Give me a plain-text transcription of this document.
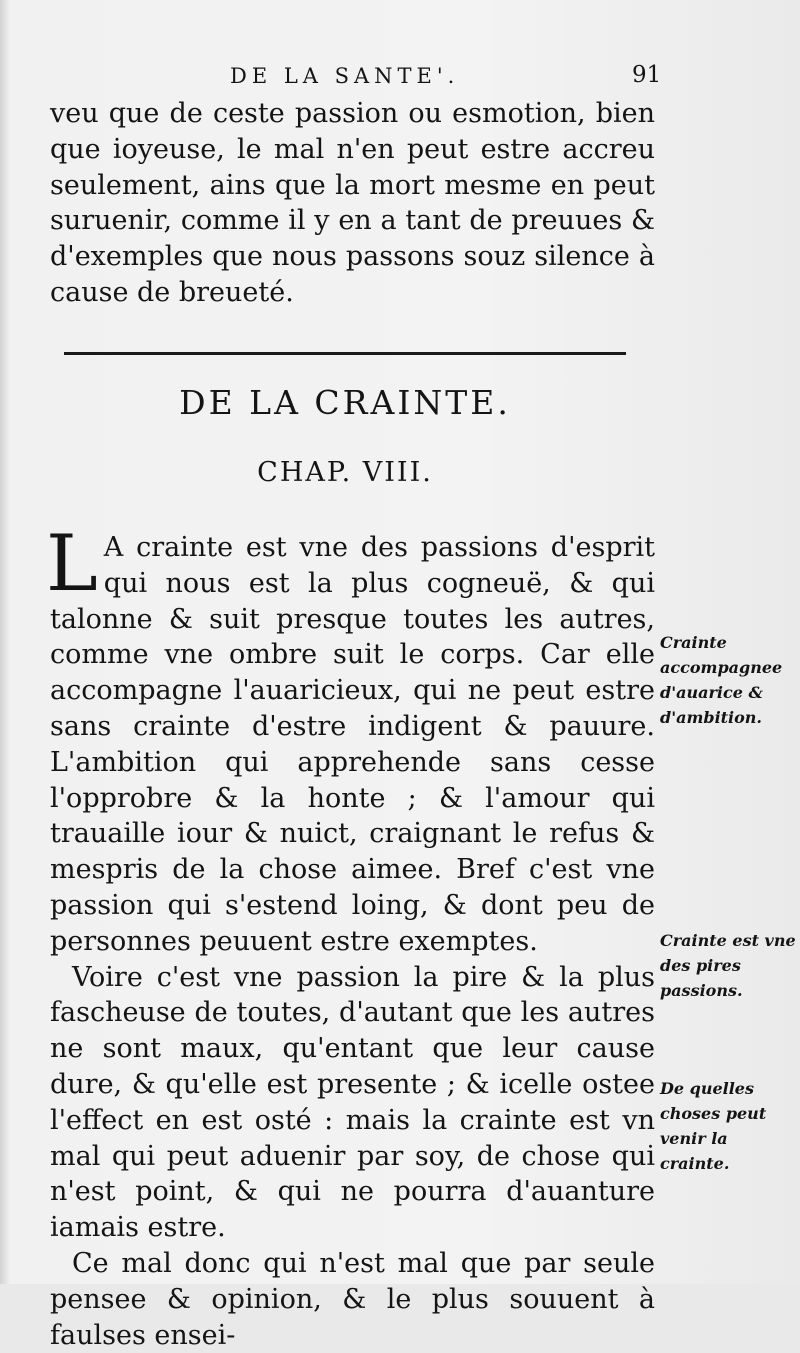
DE LA SANTE'.	91
veu que de ceste passion ou esmotion, bien que ioyeuse, le mal n'en peut estre accreu seulement, ains que la mort mesme en peut suruenir, comme il y en a tant de preuues & d'exemples que nous passons souz silence à cause de breueté.
DE LA CRAINTE.
CHAP. VIII.

L A crainte est vne des passions d'esprit qui nous est la plus cogneuë, & qui talonne & suit presque toutes les autres, comme vne ombre suit le corps. Car elle accompagne l'auaricieux, qui ne peut estre sans crainte d'estre indigent & pauure. L'ambition qui apprehende sans cesse l'opprobre & la honte ; & l'amour qui trauaille iour & nuict, craignant le refus & mespris de la chose aimee. Bref c'est vne passion qui s'estend loing, & dont peu de personnes peuuent estre exemptes.

Voire c'est vne passion la pire & la plus fascheuse de toutes, d'autant que les autres ne sont maux, qu'entant que leur cause dure, & qu'elle est presente ; & icelle ostee l'effect en est osté : mais la crainte est vn mal qui peut aduenir par soy, de chose qui n'est point, & qui ne pourra d'auanture iamais estre.

Ce mal donc qui n'est mal que par seule pensee & opinion, & le plus souuent à faulses ensei-

Crainte accompagnee d'auarice & d'ambition.
Crainte est vne des pires passions.
De quelles choses peut venir la crainte.
